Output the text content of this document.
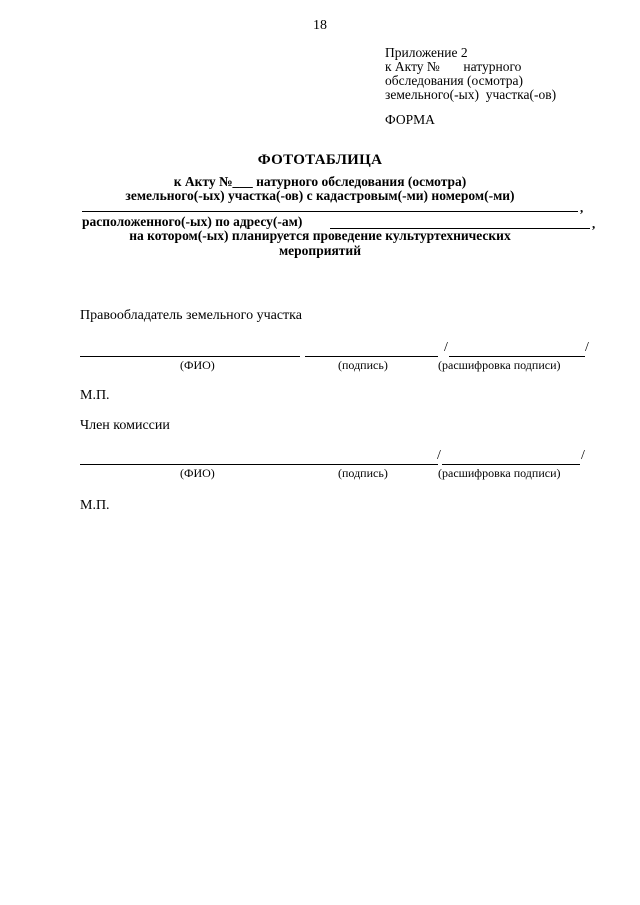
18
Приложение 2
к Акту №       натурного
обследования (осмотра)
земельного(-ых)  участка(-ов)
ФОРМА
ФОТОТАБЛИЦА
к Акту №___ натурного обследования (осмотра)
земельного(-ых) участка(-ов) с кадастровым(-ми) номером(-ми)
,
расположенного(-ых) по адресу(-ам)	,
на котором(-ых) планируется проведение культуртехнических
мероприятий
Правообладатель земельного участка
/	/
(ФИО)	(подпись)	(расшифровка подписи)
М.П.
Член комиссии
/	/
(ФИО)	(подпись)	(расшифровка подписи)
М.П.
